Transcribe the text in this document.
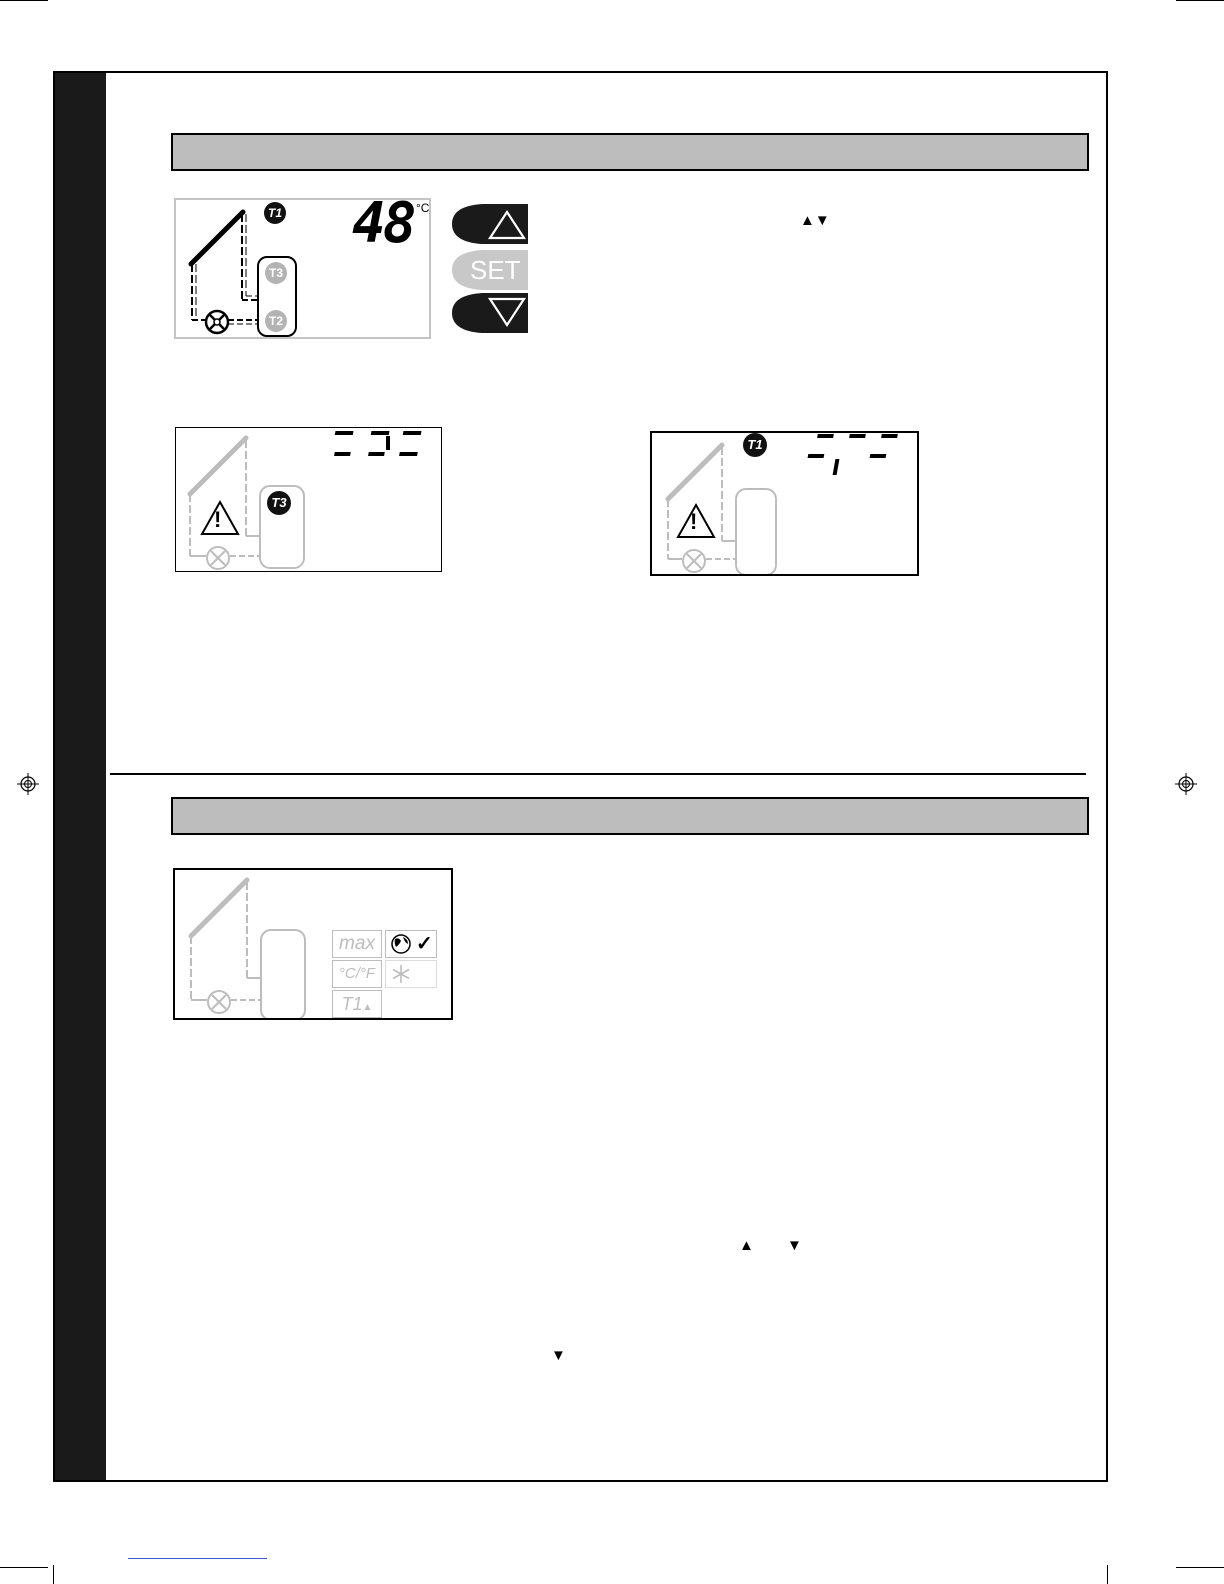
T1
T3
T2
48 °C
SET
▲▼
!
T3
!
T1
max
°C/°F
T1▲
✓
▲ ▼
▼
